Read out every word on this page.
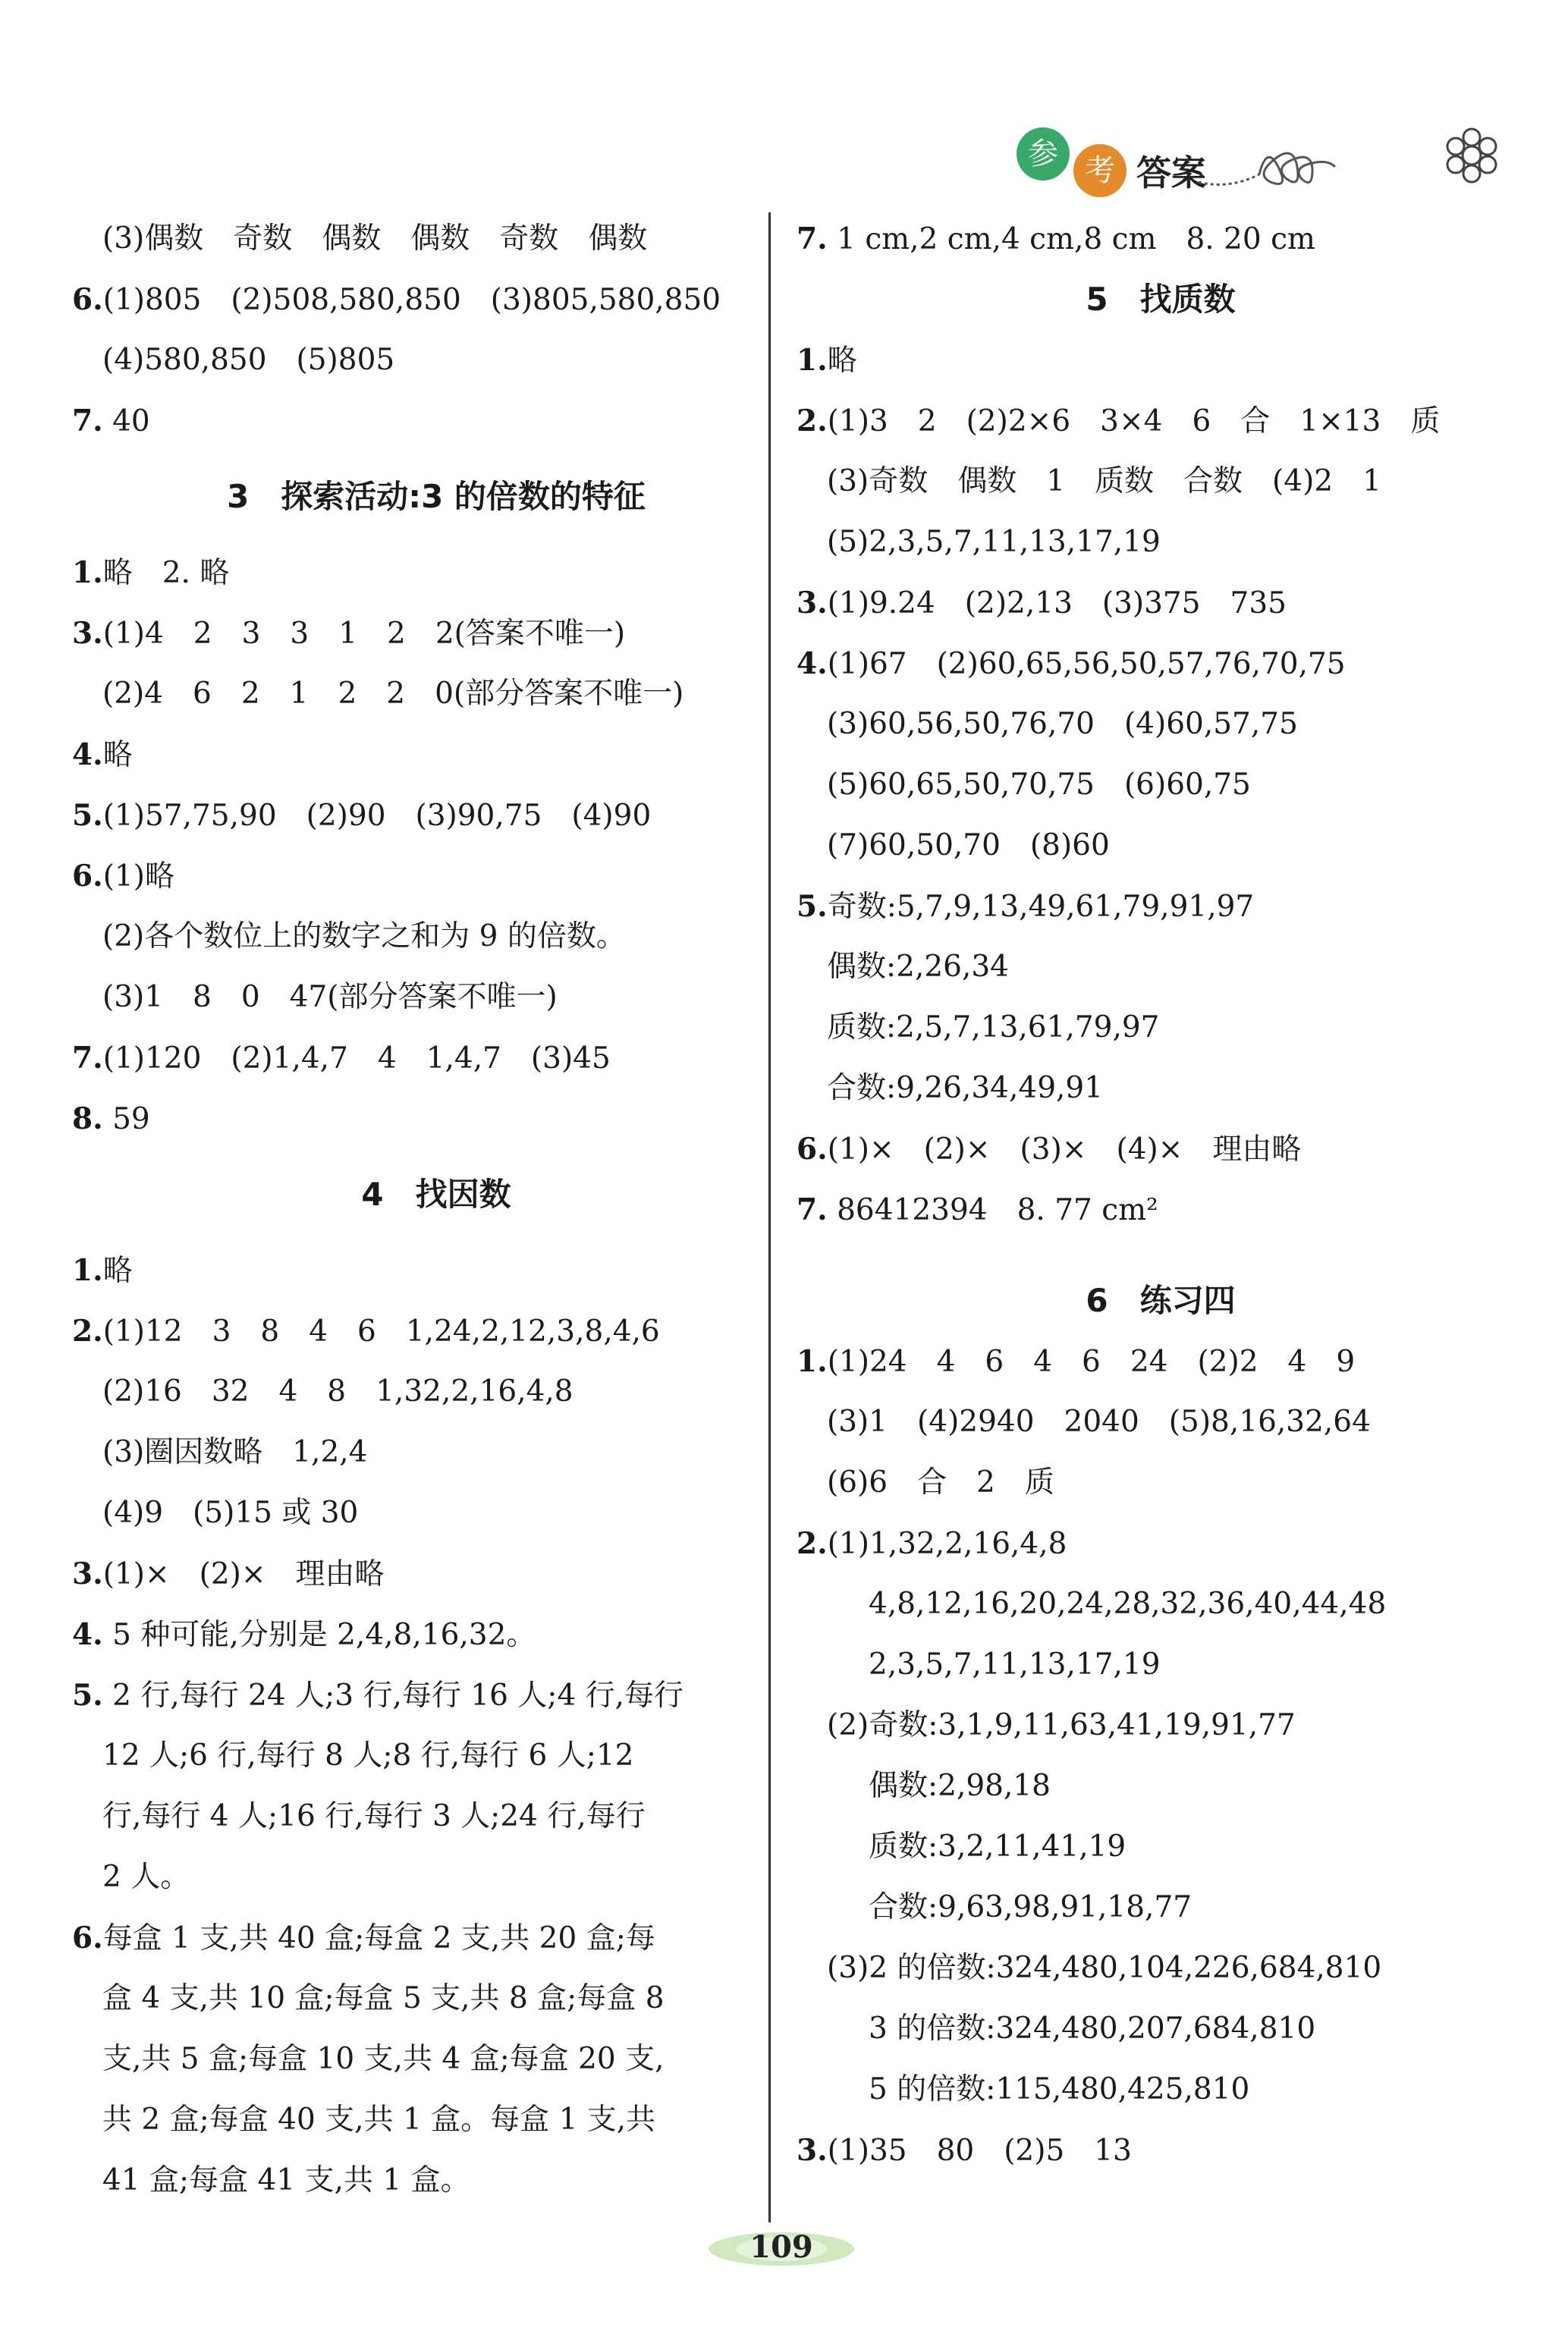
参 考 答案
3　探索活动:3 的倍数的特征
4　找因数
(3)偶数　奇数　偶数　偶数　奇数　偶数
6.(1)805　(2)508,580,850　(3)805,580,850
(4)580,850　(5)805
7. 40
1.略　2. 略
3.(1)4　2　3　3　1　2　2(答案不唯一)
(2)4　6　2　1　2　2　0(部分答案不唯一)
4.略
5.(1)57,75,90　(2)90　(3)90,75　(4)90
6.(1)略
(2)各个数位上的数字之和为 9 的倍数。
(3)1　8　0　47(部分答案不唯一)
7.(1)120　(2)1,4,7　4　1,4,7　(3)45
8. 59
1.略
2.(1)12　3　8　4　6　1,24,2,12,3,8,4,6
(2)16　32　4　8　1,32,2,16,4,8
(3)圈因数略　1,2,4
(4)9　(5)15 或 30
3.(1)×　(2)×　理由略
4. 5 种可能,分别是 2,4,8,16,32。
5. 2 行,每行 24 人;3 行,每行 16 人;4 行,每行
12 人;6 行,每行 8 人;8 行,每行 6 人;12
行,每行 4 人;16 行,每行 3 人;24 行,每行
2 人。
6.每盒 1 支,共 40 盒;每盒 2 支,共 20 盒;每
盒 4 支,共 10 盒;每盒 5 支,共 8 盒;每盒 8
支,共 5 盒;每盒 10 支,共 4 盒;每盒 20 支,
共 2 盒;每盒 40 支,共 1 盒。每盒 1 支,共
41 盒;每盒 41 支,共 1 盒。
5　找质数
6　练习四
7. 1 cm,2 cm,4 cm,8 cm　8. 20 cm
1.略
2.(1)3　2　(2)2×6　3×4　6　合　1×13　质
(3)奇数　偶数　1　质数　合数　(4)2　1
(5)2,3,5,7,11,13,17,19
3.(1)9.24　(2)2,13　(3)375　735
4.(1)67　(2)60,65,56,50,57,76,70,75
(3)60,56,50,76,70　(4)60,57,75
(5)60,65,50,70,75　(6)60,75
(7)60,50,70　(8)60
5.奇数:5,7,9,13,49,61,79,91,97
偶数:2,26,34
质数:2,5,7,13,61,79,97
合数:9,26,34,49,91
6.(1)×　(2)×　(3)×　(4)×　理由略
7. 86412394　8. 77 cm²
1.(1)24　4　6　4　6　24　(2)2　4　9
(3)1　(4)2940　2040　(5)8,16,32,64
(6)6　合　2　质
2.(1)1,32,2,16,4,8
4,8,12,16,20,24,28,32,36,40,44,48
2,3,5,7,11,13,17,19
(2)奇数:3,1,9,11,63,41,19,91,77
偶数:2,98,18
质数:3,2,11,41,19
合数:9,63,98,91,18,77
(3)2 的倍数:324,480,104,226,684,810
3 的倍数:324,480,207,684,810
5 的倍数:115,480,425,810
3.(1)35　80　(2)5　13
109
